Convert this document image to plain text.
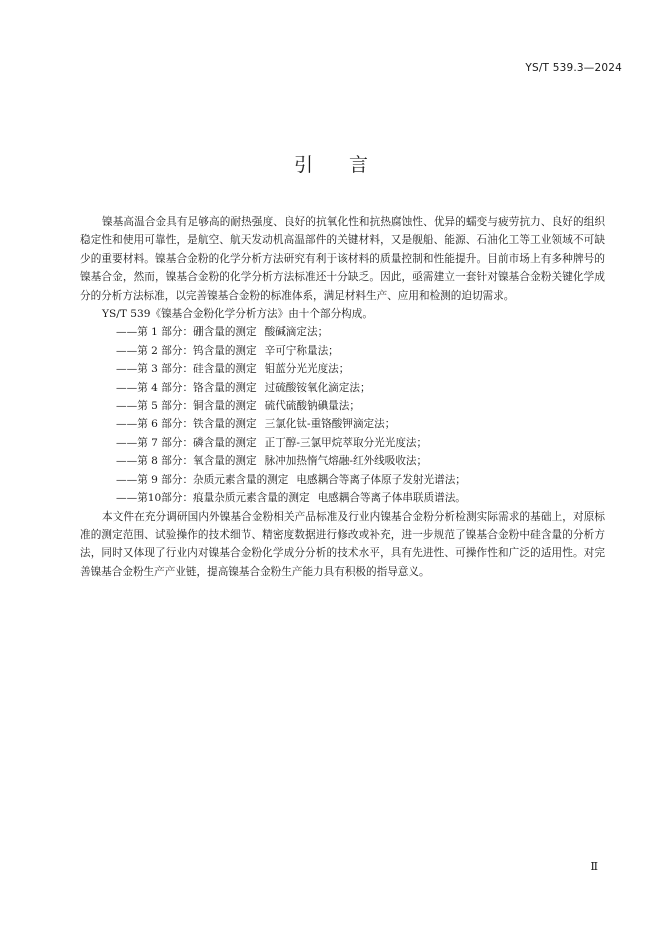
YS/T 539.3—2024
引言

镍基高温合金具有足够高的耐热强度、良好的抗氧化性和抗热腐蚀性、优异的蠕变与疲劳抗力、良好的组织稳定性和使用可靠性，是航空、航天发动机高温部件的关键材料，又是舰船、能源、石油化工等工业领域不可缺少的重要材料。镍基合金粉的化学分析方法研究有利于该材料的质量控制和性能提升。目前市场上有多种牌号的镍基合金，然而，镍基合金粉的化学分析方法标准还十分缺乏。因此，亟需建立一套针对镍基合金粉关键化学成分的分析方法标准，以完善镍基合金粉的标准体系，满足材料生产、应用和检测的迫切需求。

YS/T 539《镍基合金粉化学分析方法》由十个部分构成。

——第 1 部分：硼含量的测定 酸碱滴定法；
——第 2 部分：钨含量的测定 辛可宁称量法；
——第 3 部分：硅含量的测定 钼蓝分光光度法；
——第 4 部分：铬含量的测定 过硫酸铵氧化滴定法；
——第 5 部分：铜含量的测定 硫代硫酸钠碘量法；
——第 6 部分：铁含量的测定 三氯化钛-重铬酸钾滴定法；
——第 7 部分：磷含量的测定 正丁醇-三氯甲烷萃取分光光度法；
——第 8 部分：氧含量的测定 脉冲加热惰气熔融-红外线吸收法；
——第 9 部分：杂质元素含量的测定 电感耦合等离子体原子发射光谱法；
——第10部分：痕量杂质元素含量的测定 电感耦合等离子体串联质谱法。

本文件在充分调研国内外镍基合金粉相关产品标准及行业内镍基合金粉分析检测实际需求的基础上，对原标准的测定范围、试验操作的技术细节、精密度数据进行修改或补充，进一步规范了镍基合金粉中硅含量的分析方法，同时又体现了行业内对镍基合金粉化学成分分析的技术水平，具有先进性、可操作性和广泛的适用性。对完善镍基合金粉生产产业链，提高镍基合金粉生产能力具有积极的指导意义。

Ⅱ
